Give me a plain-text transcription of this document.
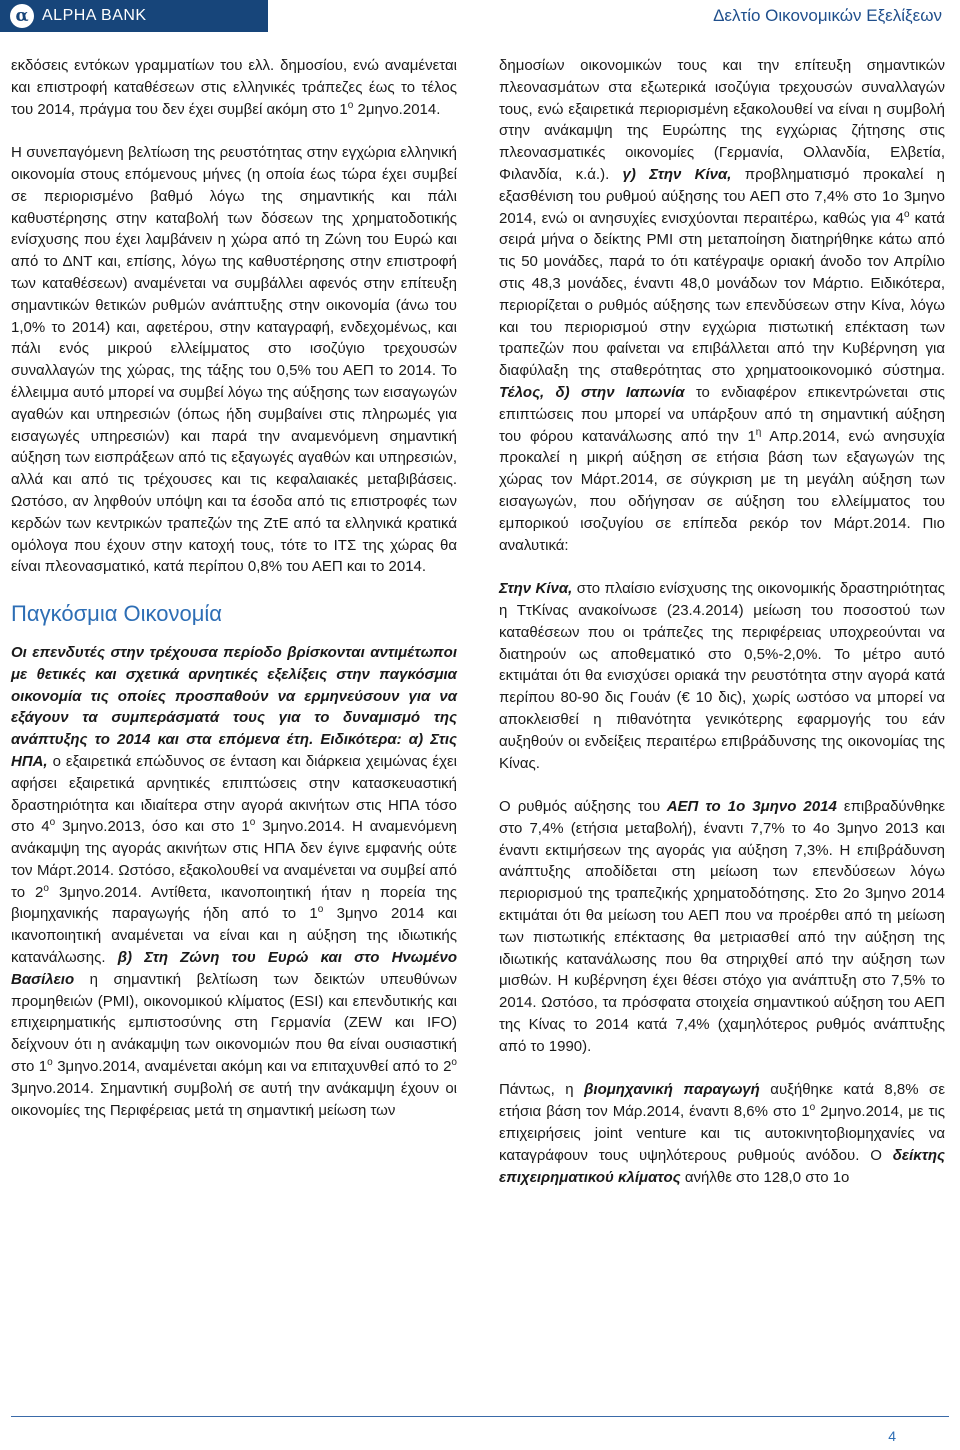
α ALPHA BANK	Δελτίο Οικονομικών Εξελίξεων

εκδόσεις εντόκων γραμματίων του ελλ. δημοσίου, ενώ αναμένεται και επιστροφή καταθέσεων στις ελληνικές τράπεζες έως το τέλος του 2014, πράγμα του δεν έχει συμβεί ακόμη στο $1^o$ 2μηνο.2014.

Η συνεπαγόμενη βελτίωση της ρευστότητας στην εγχώρια ελληνική οικονομία στους επόμενους μήνες (η οποία έως τώρα έχει συμβεί σε περιορισμένο βαθμό λόγω της σημαντικής και πάλι καθυστέρησης στην καταβολή των δόσεων της χρηματοδοτικής ενίσχυσης που έχει λαμβάνειν η χώρα από τη Ζώνη του Ευρώ και από το ΔΝΤ και, επίσης, λόγω της καθυστέρησης στην επιστροφή των καταθέσεων) αναμένεται να συμβάλλει αφενός στην επίτευξη σημαντικών θετικών ρυθμών ανάπτυξης στην οικονομία (άνω του 1,0% το 2014) και, αφετέρου, στην καταγραφή, ενδεχομένως, και πάλι ενός μικρού ελλείμματος στο ισοζύγιο τρεχουσών συναλλαγών της χώρας, της τάξης του 0,5% του ΑΕΠ το 2014. Το έλλειμμα αυτό μπορεί να συμβεί λόγω της αύξησης των εισαγωγών αγαθών και υπηρεσιών (όπως ήδη συμβαίνει στις πληρωμές για εισαγωγές υπηρεσιών) και παρά την αναμενόμενη σημαντική αύξηση των εισπράξεων από τις εξαγωγές αγαθών και υπηρεσιών, αλλά και από τις τρέχουσες και τις κεφαλαιακές μεταβιβάσεις. Ωστόσο, αν ληφθούν υπόψη και τα έσοδα από τις επιστροφές των κερδών των κεντρικών τραπεζών της ΖτΕ από τα ελληνικά κρατικά ομόλογα που έχουν στην κατοχή τους, τότε το ΙΤΣ της χώρας θα είναι πλεονασματικό, κατά περίπου 0,8% του ΑΕΠ και το 2014.

Παγκόσμια Οικονομία

Οι επενδυτές στην τρέχουσα περίοδο βρίσκονται αντιμέτωποι με θετικές και σχετικά αρνητικές εξελίξεις στην παγκόσμια οικονομία τις οποίες προσπαθούν να ερμηνεύσουν για να εξάγουν τα συμπεράσματά τους για το δυναμισμό της ανάπτυξης το 2014 και στα επόμενα έτη. Ειδικότερα: α) Στις ΗΠΑ, ο εξαιρετικά επώδυνος σε ένταση και διάρκεια χειμώνας έχει αφήσει εξαιρετικά αρνητικές επιπτώσεις στην κατασκευαστική δραστηριότητα και ιδιαίτερα στην αγορά ακινήτων στις ΗΠΑ τόσο στο $4^o$ 3μηνο.2013, όσο και στο $1^o$ 3μηνο.2014. Η αναμενόμενη ανάκαμψη της αγοράς ακινήτων στις ΗΠΑ δεν έγινε εμφανής ούτε τον Μάρτ.2014. Ωστόσο, εξακολουθεί να αναμένεται να συμβεί από το $2^o$ 3μηνο.2014. Αντίθετα, ικανοποιητική ήταν η πορεία της βιομηχανικής παραγωγής ήδη από το $1^o$ 3μηνο 2014 και ικανοποιητική αναμένεται να είναι και η αύξηση της ιδιωτικής κατανάλωσης. β) Στη Ζώνη του Ευρώ και στο Ηνωμένο Βασίλειο η σημαντική βελτίωση των δεικτών υπευθύνων προμηθειών (PMI), οικονομικού κλίματος (ESI) και επενδυτικής και επιχειρηματικής εμπιστοσύνης στη Γερμανία (ZEW και IFO) δείχνουν ότι η ανάκαμψη των οικονομιών που θα είναι ουσιαστική στο $1^o$ 3μηνο.2014, αναμένεται ακόμη και να επιταχυνθεί από το $2^o$ 3μηνο.2014. Σημαντική συμβολή σε αυτή την ανάκαμψη έχουν οι οικονομίες της Περιφέρειας μετά τη σημαντική μείωση των

δημοσίων οικονομικών τους και την επίτευξη σημαντικών πλεονασμάτων στα εξωτερικά ισοζύγια τρεχουσών συναλλαγών τους, ενώ εξαιρετικά περιορισμένη εξακολουθεί να είναι η συμβολή στην ανάκαμψη της Ευρώπης της εγχώριας ζήτησης στις πλεονασματικές οικονομίες (Γερμανία, Ολλανδία, Ελβετία, Φιλανδία, κ.ά.). γ) Στην Κίνα, προβληματισμό προκαλεί η εξασθένιση του ρυθμού αύξησης του ΑΕΠ στο 7,4% στο 1ο 3μηνο 2014, ενώ οι ανησυχίες ενισχύονται περαιτέρω, καθώς για $4^o$ κατά σειρά μήνα ο δείκτης PMI στη μεταποίηση διατηρήθηκε κάτω από τις 50 μονάδες, παρά το ότι κατέγραψε οριακή άνοδο τον Απρίλιο στις 48,3 μονάδες, έναντι 48,0 μονάδων τον Μάρτιο. Ειδικότερα, περιορίζεται ο ρυθμός αύξησης των επενδύσεων στην Κίνα, λόγω και του περιορισμού στην εγχώρια πιστωτική επέκταση των τραπεζών που φαίνεται να επιβάλλεται από την Κυβέρνηση για διαφύλαξη της σταθερότητας στο χρηματοοικονομικό σύστημα. Τέλος, δ) στην Ιαπωνία το ενδιαφέρον επικεντρώνεται στις επιπτώσεις που μπορεί να υπάρξουν από τη σημαντική αύξηση του φόρου κατανάλωσης από την $1^\eta$ Απρ.2014, ενώ ανησυχία προκαλεί η μικρή αύξηση σε ετήσια βάση των εξαγωγών της χώρας τον Μάρτ.2014, σε σύγκριση με τη μεγάλη αύξηση των εισαγωγών, που οδήγησαν σε αύξηση του ελλείμματος του εμπορικού ισοζυγίου σε επίπεδα ρεκόρ τον Μάρτ.2014. Πιο αναλυτικά:

Στην Κίνα, στο πλαίσιο ενίσχυσης της οικονομικής δραστηριότητας η ΤτΚίνας ανακοίνωσε (23.4.2014) μείωση του ποσοστού των καταθέσεων που οι τράπεζες της περιφέρειας υποχρεούνται να διατηρούν ως αποθεματικό στο 0,5%-2,0%. Το μέτρο αυτό εκτιμάται ότι θα ενισχύσει οριακά την ρευστότητα στην αγορά κατά περίπου 80-90 δις Γουάν (€ 10 δις), χωρίς ωστόσο να μπορεί να αποκλεισθεί η πιθανότητα γενικότερης εφαρμογής του εάν αυξηθούν οι ενδείξεις περαιτέρω επιβράδυνσης της οικονομίας της Κίνας.

Ο ρυθμός αύξησης του ΑΕΠ το 1ο 3μηνο 2014 επιβραδύνθηκε στο 7,4% (ετήσια μεταβολή), έναντι 7,7% το 4ο 3μηνο 2013 και έναντι εκτιμήσεων της αγοράς για αύξηση 7,3%. Η επιβράδυνση ανάπτυξης αποδίδεται στη μείωση των επενδύσεων λόγω περιορισμού της τραπεζικής χρηματοδότησης. Στο 2ο 3μηνο 2014 εκτιμάται ότι θα μείωση του ΑΕΠ που να προέρθει από τη μείωση των πιστωτικής επέκτασης θα μετριασθεί από την αύξηση της ιδιωτικής κατανάλωσης που θα στηριχθεί από την αύξηση των μισθών. Η κυβέρνηση έχει θέσει στόχο για ανάπτυξη στο 7,5% το 2014. Ωστόσο, τα πρόσφατα στοιχεία σημαντικού αύξηση του ΑΕΠ της Κίνας το 2014 κατά 7,4% (χαμηλότερος ρυθμός ανάπτυξης από το 1990).

Πάντως, η βιομηχανική παραγωγή αυξήθηκε κατά 8,8% σε ετήσια βάση τον Μάρ.2014, έναντι 8,6% στο $1^o$ 2μηνο.2014, με τις επιχειρήσεις joint venture και τις αυτοκινητοβιομηχανίες να καταγράφουν τους υψηλότερους ρυθμούς ανόδου. Ο δείκτης επιχειρηματικού κλίματος ανήλθε στο 128,0 στο 1ο

4
